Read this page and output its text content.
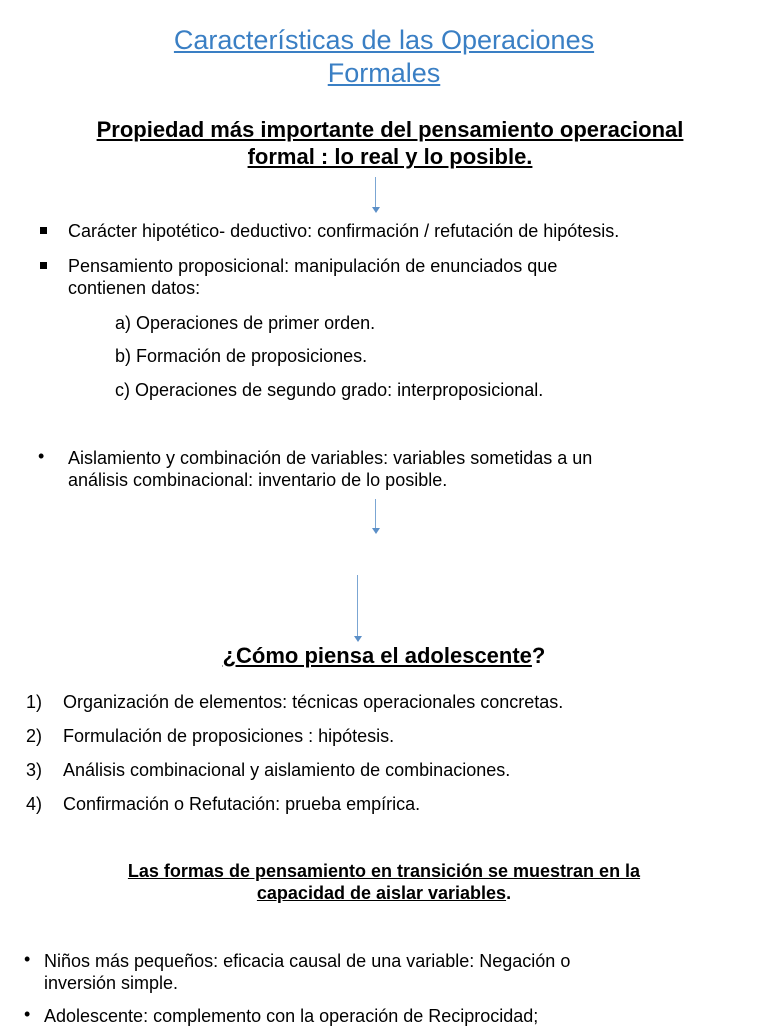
Características de las Operaciones
Formales
Propiedad más importante del pensamiento operacional
formal : lo real y lo posible.
Carácter hipotético- deductivo: confirmación / refutación de hipótesis.
Pensamiento proposicional: manipulación de enunciados que
contienen datos:
a) Operaciones de primer orden.
b) Formación de proposiciones.
c) Operaciones de segundo grado: interproposicional.
• Aislamiento y combinación de variables: variables sometidas a un
análisis combinacional: inventario de lo posible.
¿Cómo piensa el adolescente?
1) Organización de elementos: técnicas operacionales concretas.
2) Formulación de proposiciones : hipótesis.
3) Análisis combinacional y aislamiento de combinaciones.
4) Confirmación o Refutación: prueba empírica.
Las formas de pensamiento en transición se muestran en la
capacidad de aislar variables.
• Niños más pequeños: eficacia causal de una variable: Negación o
inversión simple.
• Adolescente: complemento con la operación de Reciprocidad;
